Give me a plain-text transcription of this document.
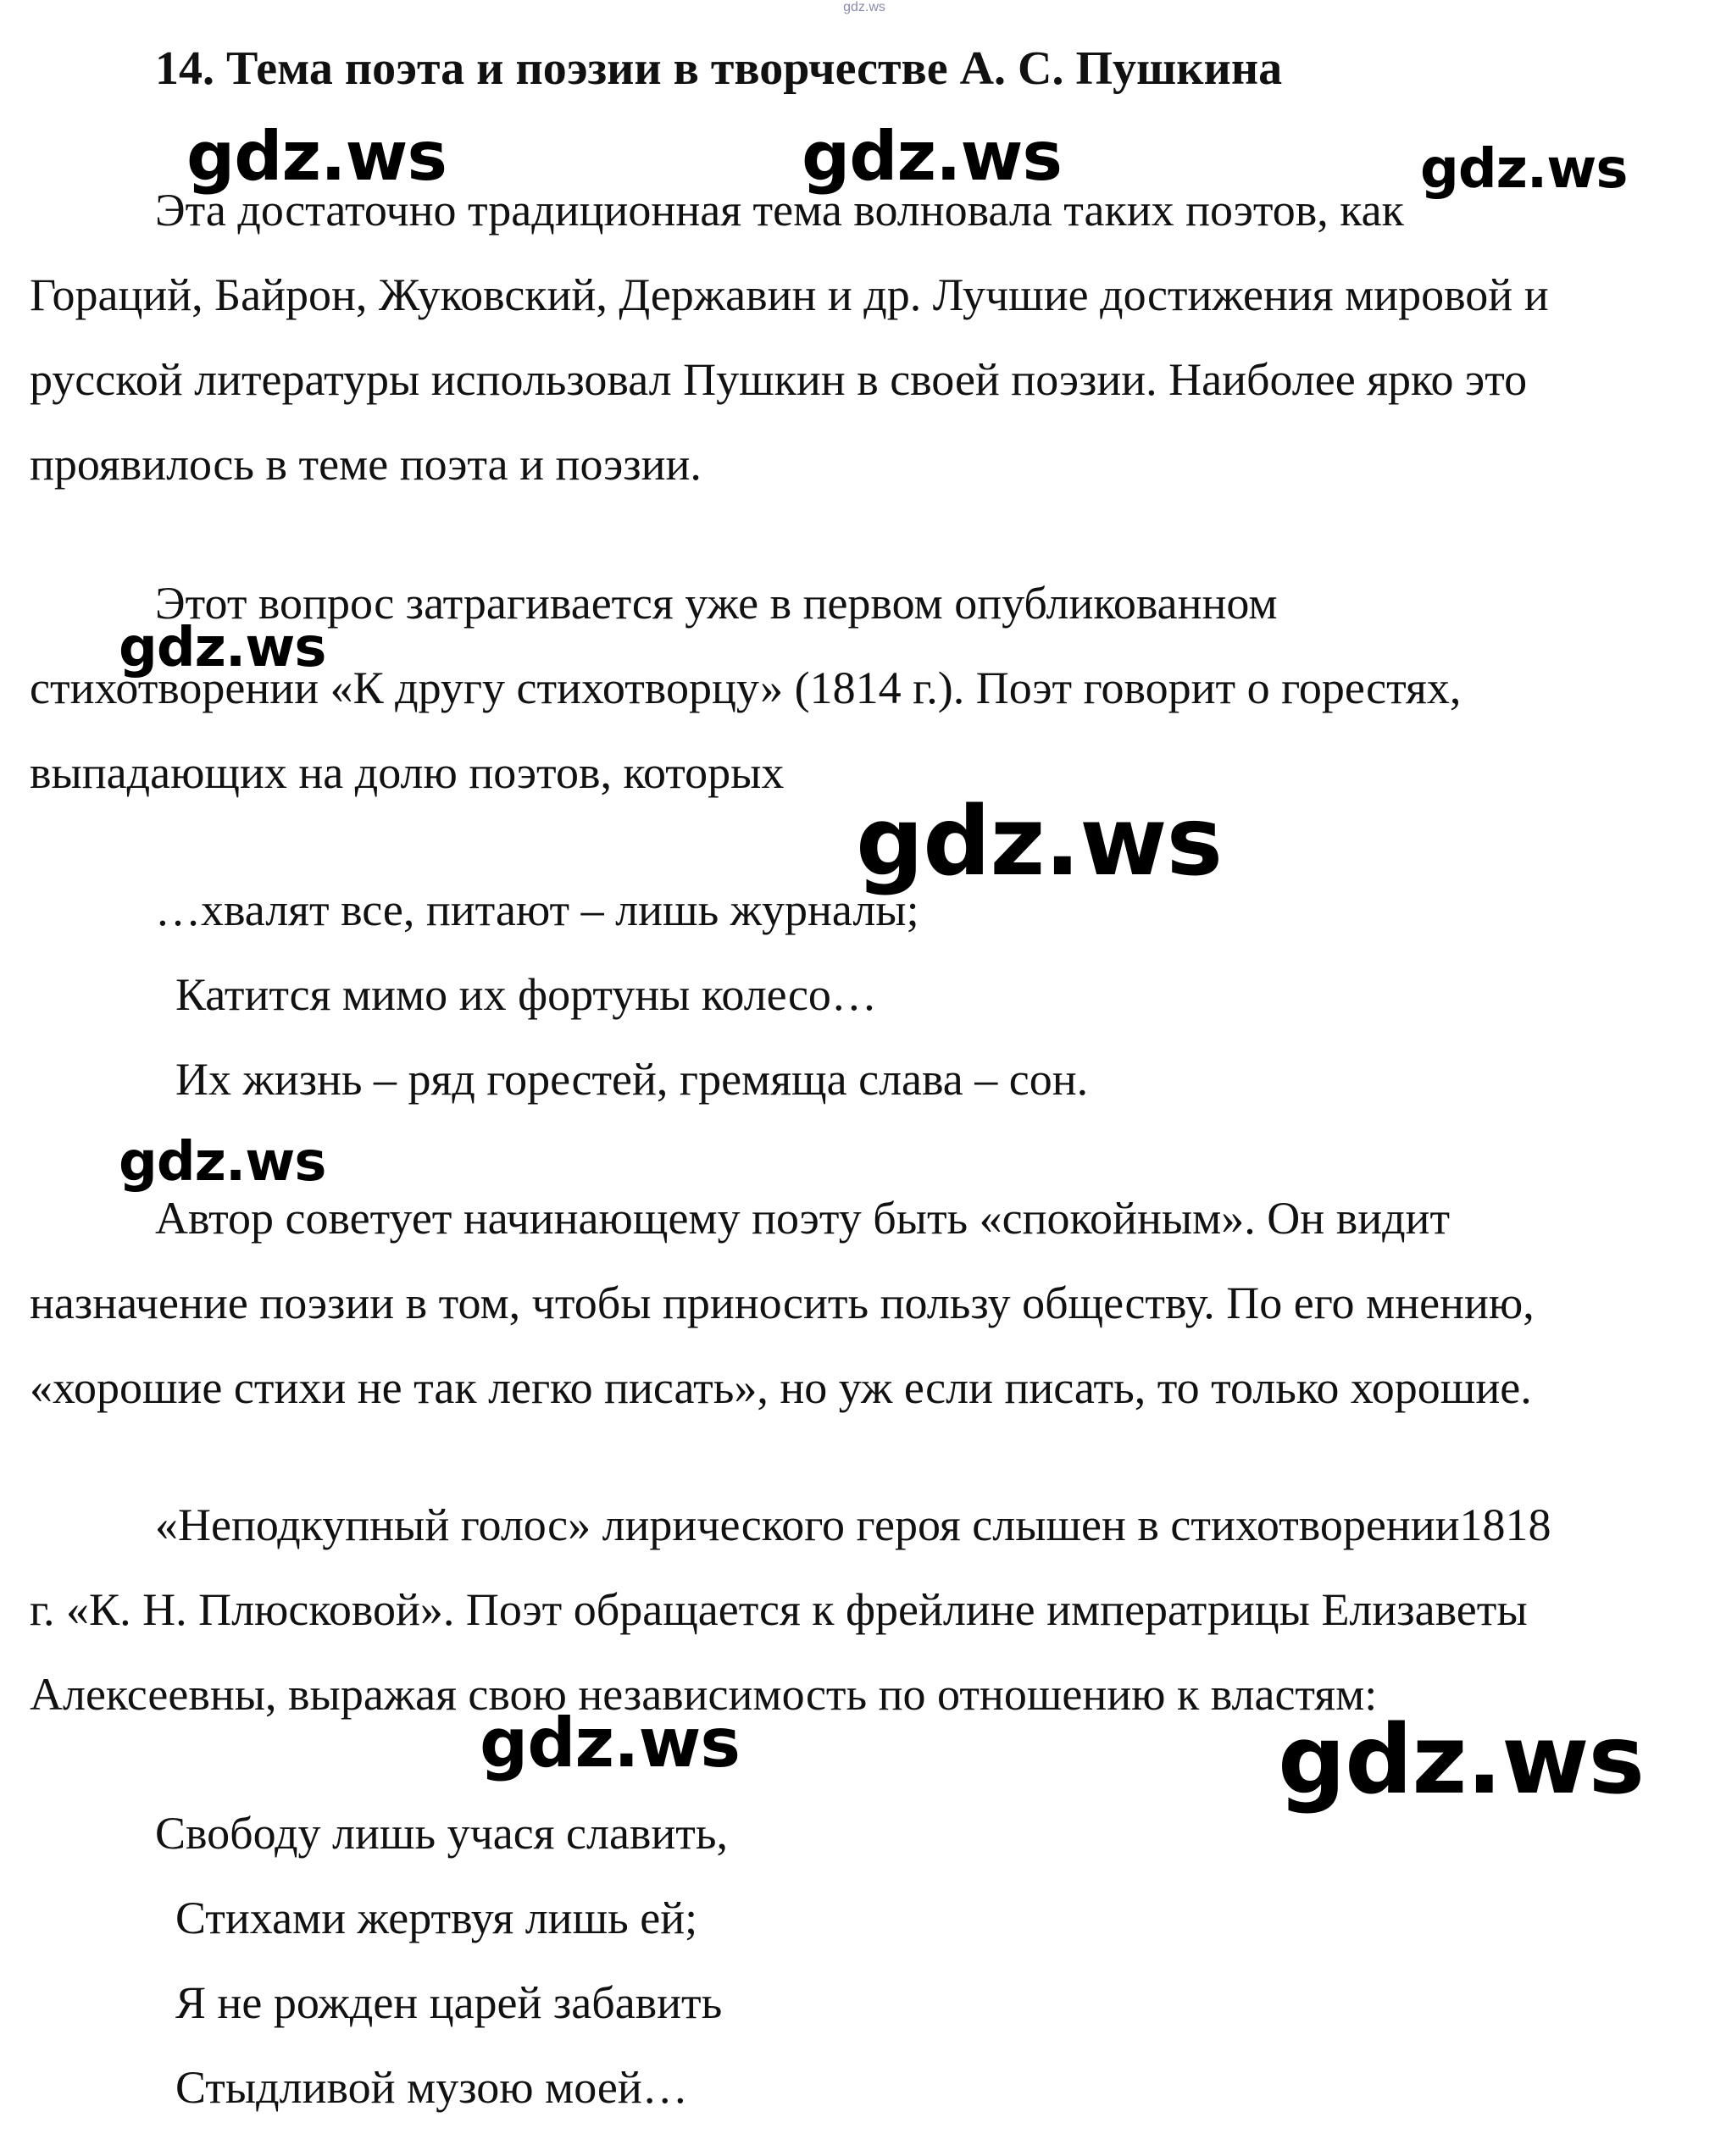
gdz.ws
14. Тема поэта и поэзии в творчестве А. С. Пушкина
Эта достаточно традиционная тема волновала таких поэтов, как
Гораций, Байрон, Жуковский, Державин и др. Лучшие достижения мировой и
русской литературы использовал Пушкин в своей поэзии. Наиболее ярко это
проявилось в теме поэта и поэзии.
Этот вопрос затрагивается уже в первом опубликованном
стихотворении «К другу стихотворцу» (1814 г.). Поэт говорит о горестях,
выпадающих на долю поэтов, которых
…хвалят все, питают – лишь журналы;
Катится мимо их фортуны колесо…
Их жизнь – ряд горестей, гремяща слава – сон.
Автор советует начинающему поэту быть «спокойным». Он видит
назначение поэзии в том, чтобы приносить пользу обществу. По его мнению,
«хорошие стихи не так легко писать», но уж если писать, то только хорошие.
«Неподкупный голос» лирического героя слышен в стихотворении1818
г. «К. Н. Плюсковой». Поэт обращается к фрейлине императрицы Елизаветы
Алексеевны, выражая свою независимость по отношению к властям:
Свободу лишь учася славить,
Стихами жертвуя лишь ей;
Я не рожден царей забавить
Стыдливой музою моей…
gdz.ws	gdz.ws	gdz.ws
gdz.ws
gdz.ws
gdz.ws
gdz.ws	gdz.ws
